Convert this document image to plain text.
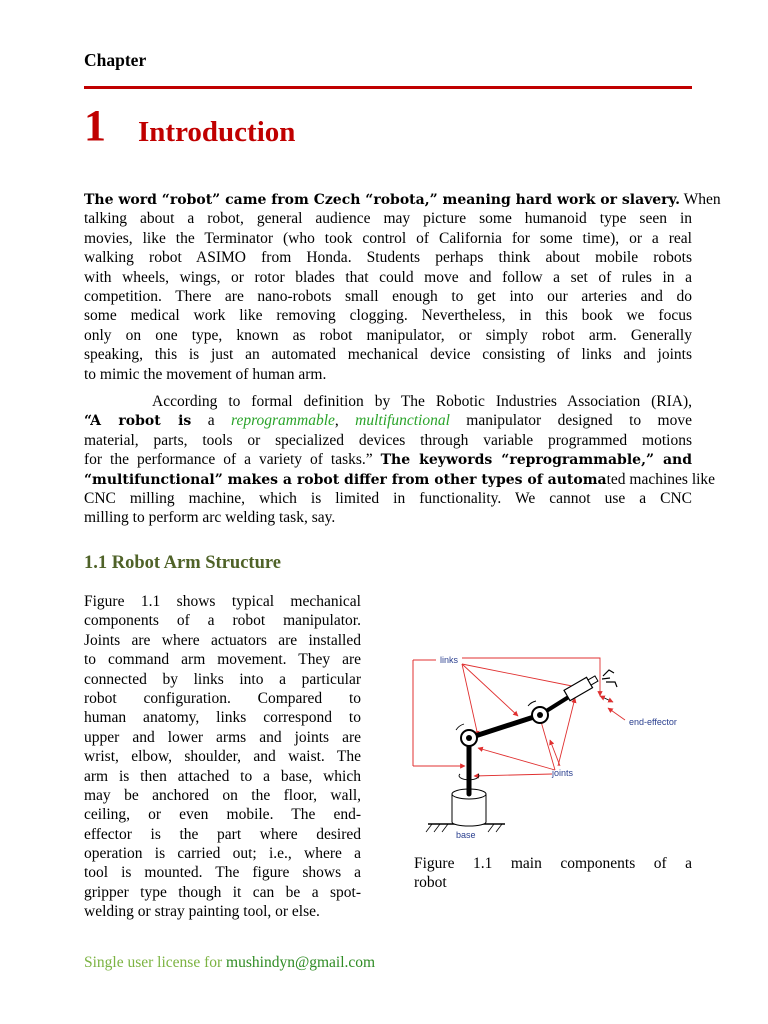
Chapter
1 Introduction
The word “robot” came from Czech “robota,” meaning hard work or slavery. When
talking about a robot, general audience may picture some humanoid type seen in
movies, like the Terminator (who took control of California for some time), or a real
walking robot ASIMO from Honda. Students perhaps think about mobile robots
with wheels, wings, or rotor blades that could move and follow a set of rules in a
competition. There are nano-robots small enough to get into our arteries and do
some medical work like removing clogging. Nevertheless, in this book we focus
only on one type, known as robot manipulator, or simply robot arm. Generally
speaking, this is just an automated mechanical device consisting of links and joints
to mimic the movement of human arm.
According to formal definition by The Robotic Industries Association (RIA),
“A robot is a reprogrammable, multifunctional manipulator designed to move
material, parts, tools or specialized devices through variable programmed motions
for the performance of a variety of tasks.” The keywords “reprogrammable,” and
“multifunctional” makes a robot differ from other types of automated machines like
CNC milling machine, which is limited in functionality. We cannot use a CNC
milling to perform arc welding task, say.
1.1 Robot Arm Structure
Figure 1.1 shows typical mechanical
components of a robot manipulator.
Joints are where actuators are installed
to command arm movement. They are
connected by links into a particular
robot configuration. Compared to
human anatomy, links correspond to
upper and lower arms and joints are
wrist, elbow, shoulder, and waist. The
arm is then attached to a base, which
may be anchored on the floor, wall,
ceiling, or even mobile. The end-
effector is the part where desired
operation is carried out; i.e., where a
tool is mounted. The figure shows a
gripper type though it can be a spot-
welding or stray painting tool, or else.
links
end-effector
joints
base
Figure 1.1 main components of a
robot
Single user license for mushindyn@gmail.com
